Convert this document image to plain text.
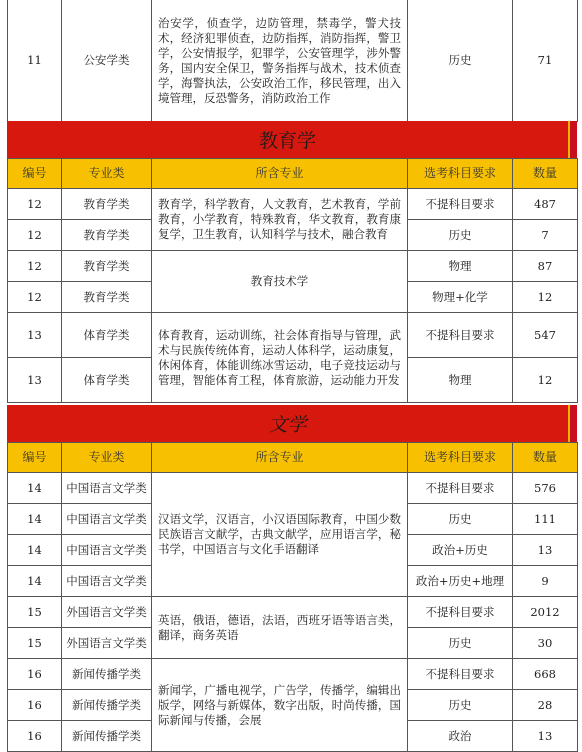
11	公安学类	治安学，侦查学，边防管理，禁毒学，警犬技术，经济犯罪侦查，边防指挥，消防指挥，警卫学，公安情报学，犯罪学，公安管理学，涉外警务，国内安全保卫，警务指挥与战术，技术侦查学，海警执法，公安政治工作，移民管理，出入境管理，反恐警务，消防政治工作	历史	71
教育学
编号	专业类	所含专业	选考科目要求	数量
12	教育学类	教育学，科学教育，人文教育，艺术教育，学前教育，小学教育，特殊教育，华文教育，教育康复学，卫生教育，认知科学与技术，融合教育	不提科目要求	487
12	教育学类		历史	7
12	教育学类	教育技术学	物理	87
12	教育学类		物理+化学	12
13	体育学类	体育教育，运动训练，社会体育指导与管理，武术与民族传统体育，运动人体科学，运动康复，休闲体育，体能训练冰雪运动，电子竞技运动与管理，智能体育工程，体育旅游，运动能力开发	不提科目要求	547
13	体育学类		物理	12
文学
编号	专业类	所含专业	选考科目要求	数量
14	中国语言文学类	汉语文学，汉语言，小汉语国际教育，中国少数民族语言文献学，古典文献学，应用语言学，秘书学，中国语言与文化手语翻译	不提科目要求	576
14	中国语言文学类		历史	111
14	中国语言文学类		政治+历史	13
14	中国语言文学类		政治+历史+地理	9
15	外国语言文学类	英语，俄语，德语，法语，西班牙语等语言类，翻译，商务英语	不提科目要求	2012
15	外国语言文学类		历史	30
16	新闻传播学类	新闻学，广播电视学，广告学，传播学，编辑出版学，网络与新媒体，数字出版，时尚传播，国际新闻与传播，会展	不提科目要求	668
16	新闻传播学类		历史	28
16	新闻传播学类		政治	13
